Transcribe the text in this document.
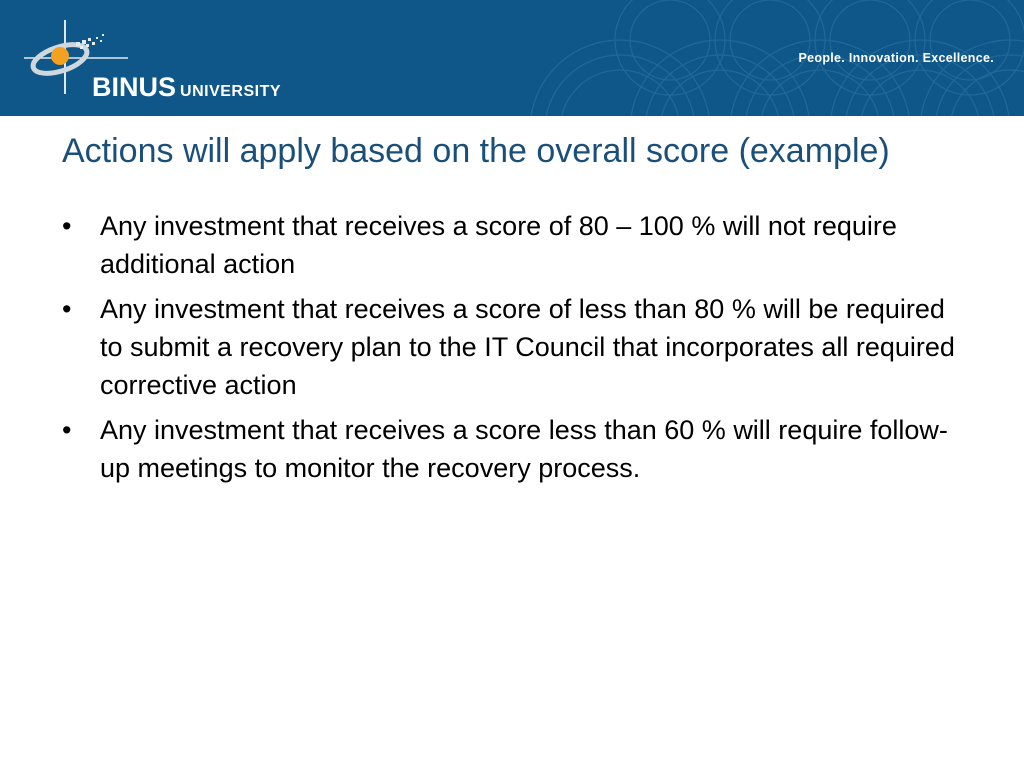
BINUS UNIVERSITY
People. Innovation. Excellence.
Actions will apply based on the overall score (example)
•	Any investment that receives a score of 80 – 100 % will not require additional action
•	Any investment that receives a score of less than 80 % will be required to submit a recovery plan to the IT Council that incorporates all required corrective action
•	Any investment that receives a score less than 60 % will require follow-up meetings to monitor the recovery process.
